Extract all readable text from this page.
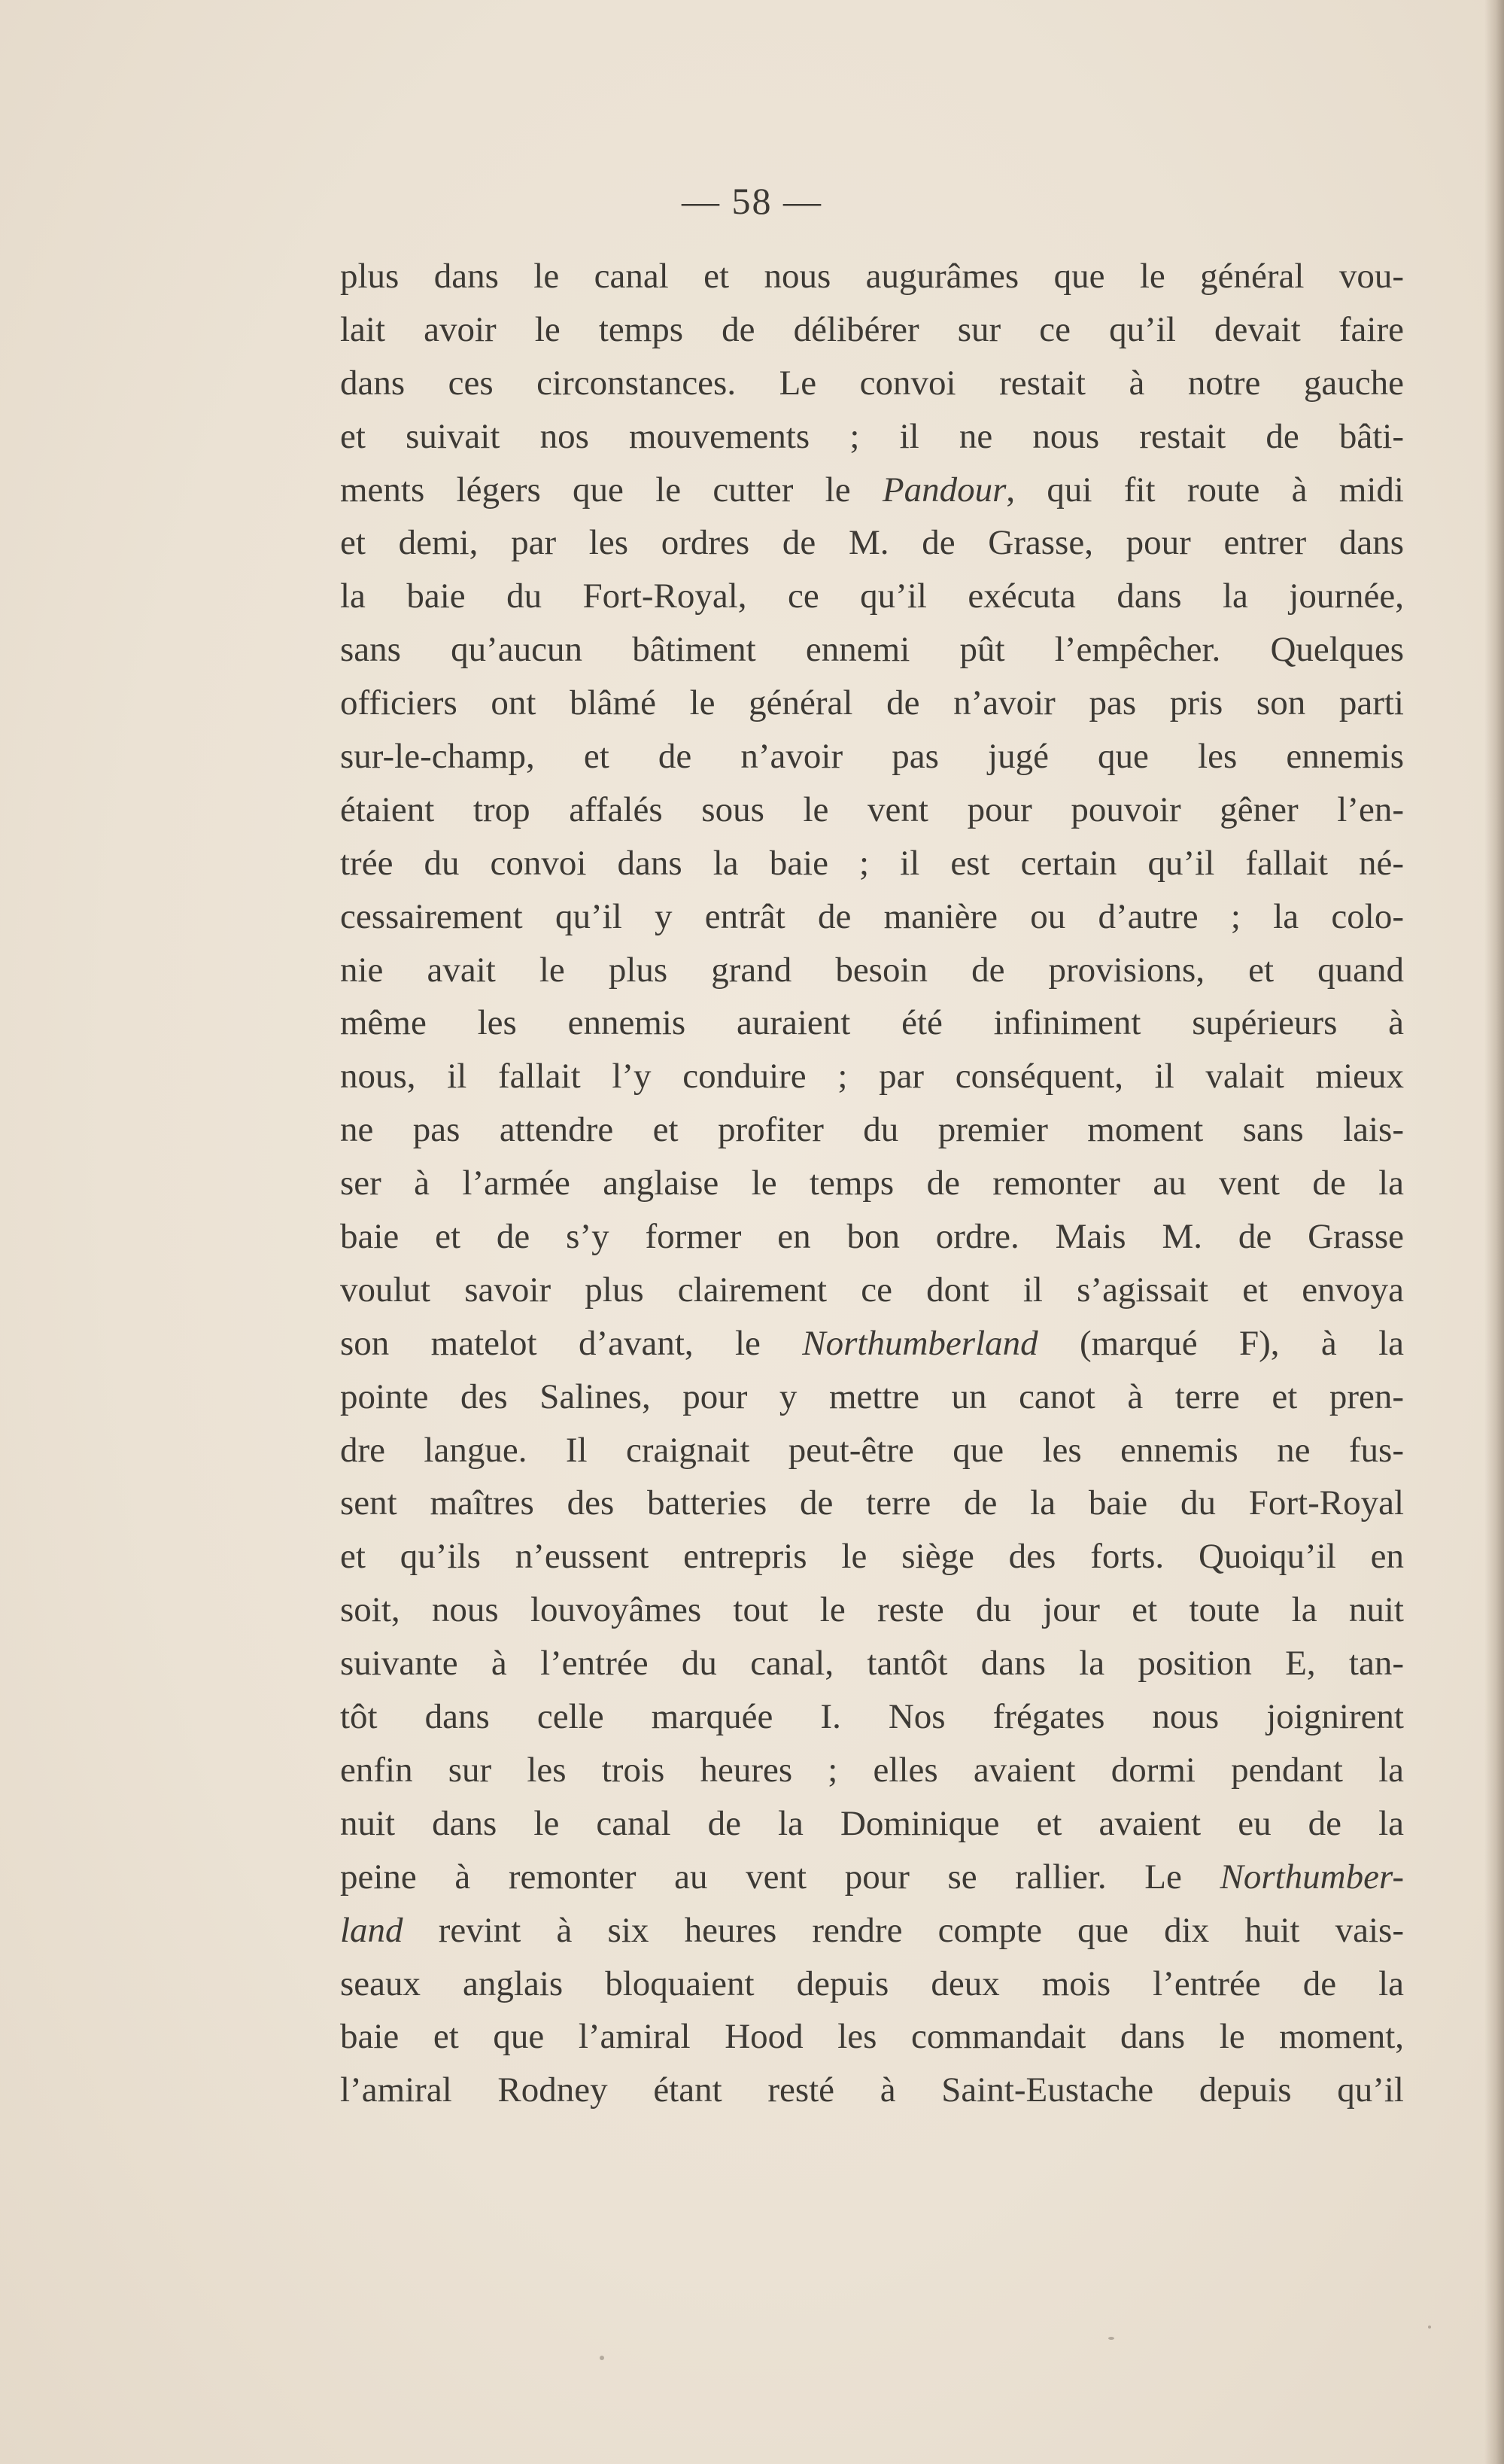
— 58 —
plus dans le canal et nous augurâmes que le général vou-
lait avoir le temps de délibérer sur ce qu’il devait faire
dans ces circonstances. Le convoi restait à notre gauche
et suivait nos mouvements ; il ne nous restait de bâti-
ments légers que le cutter le Pandour, qui fit route à midi
et demi, par les ordres de M. de Grasse, pour entrer dans
la baie du Fort-Royal, ce qu’il exécuta dans la journée,
sans qu’aucun bâtiment ennemi pût l’empêcher. Quelques
officiers ont blâmé le général de n’avoir pas pris son parti
sur-le-champ, et de n’avoir pas jugé que les ennemis
étaient trop affalés sous le vent pour pouvoir gêner l’en-
trée du convoi dans la baie ; il est certain qu’il fallait né-
cessairement qu’il y entrât de manière ou d’autre ; la colo-
nie avait le plus grand besoin de provisions, et quand
même les ennemis auraient été infiniment supérieurs à
nous, il fallait l’y conduire ; par conséquent, il valait mieux
ne pas attendre et profiter du premier moment sans lais-
ser à l’armée anglaise le temps de remonter au vent de la
baie et de s’y former en bon ordre. Mais M. de Grasse
voulut savoir plus clairement ce dont il s’agissait et envoya
son matelot d’avant, le Northumberland (marqué F), à la
pointe des Salines, pour y mettre un canot à terre et pren-
dre langue. Il craignait peut-être que les ennemis ne fus-
sent maîtres des batteries de terre de la baie du Fort-Royal
et qu’ils n’eussent entrepris le siège des forts. Quoiqu’il en
soit, nous louvoyâmes tout le reste du jour et toute la nuit
suivante à l’entrée du canal, tantôt dans la position E, tan-
tôt dans celle marquée I. Nos frégates nous joignirent
enfin sur les trois heures ; elles avaient dormi pendant la
nuit dans le canal de la Dominique et avaient eu de la
peine à remonter au vent pour se rallier. Le Northumber-
land revint à six heures rendre compte que dix huit vais-
seaux anglais bloquaient depuis deux mois l’entrée de la
baie et que l’amiral Hood les commandait dans le moment,
l’amiral Rodney étant resté à Saint-Eustache depuis qu’il
